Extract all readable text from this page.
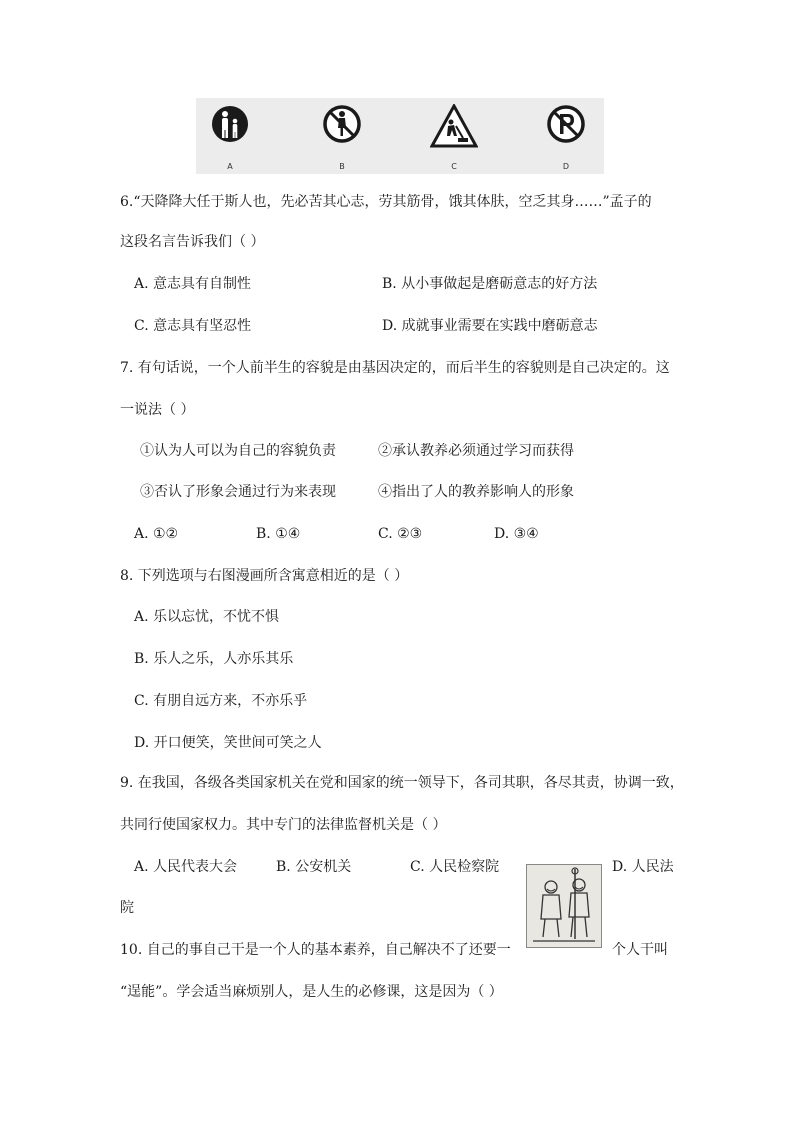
A	B	C	D
6.“天降降大任于斯人也，先必苦其心志，劳其筋骨，饿其体肤，空乏其身……”孟子的
这段名言告诉我们（ ）
A. 意志具有自制性	B. 从小事做起是磨砺意志的好方法
C. 意志具有坚忍性	D. 成就事业需要在实践中磨砺意志
7. 有句话说，一个人前半生的容貌是由基因决定的，而后半生的容貌则是自己决定的。这
一说法（ ）
①认为人可以为自己的容貌负责	②承认教养必须通过学习而获得
③否认了形象会通过行为来表现	④指出了人的教养影响人的形象
A. ①②	B. ①④	C. ②③	D. ③④
8. 下列选项与右图漫画所含寓意相近的是（ ）
A. 乐以忘忧，不忧不惧
B. 乐人之乐，人亦乐其乐
C. 有朋自远方来，不亦乐乎
D. 开口便笑，笑世间可笑之人
9. 在我国，各级各类国家机关在党和国家的统一领导下，各司其职，各尽其责，协调一致，
共同行使国家权力。其中专门的法律监督机关是（ ）
A. 人民代表大会	B. 公安机关	C. 人民检察院	D. 人民法
院
10. 自己的事自己干是一个人的基本素养，自己解决不了还要一	个人干叫
“逞能”。学会适当麻烦别人，是人生的必修课，这是因为（ ）
